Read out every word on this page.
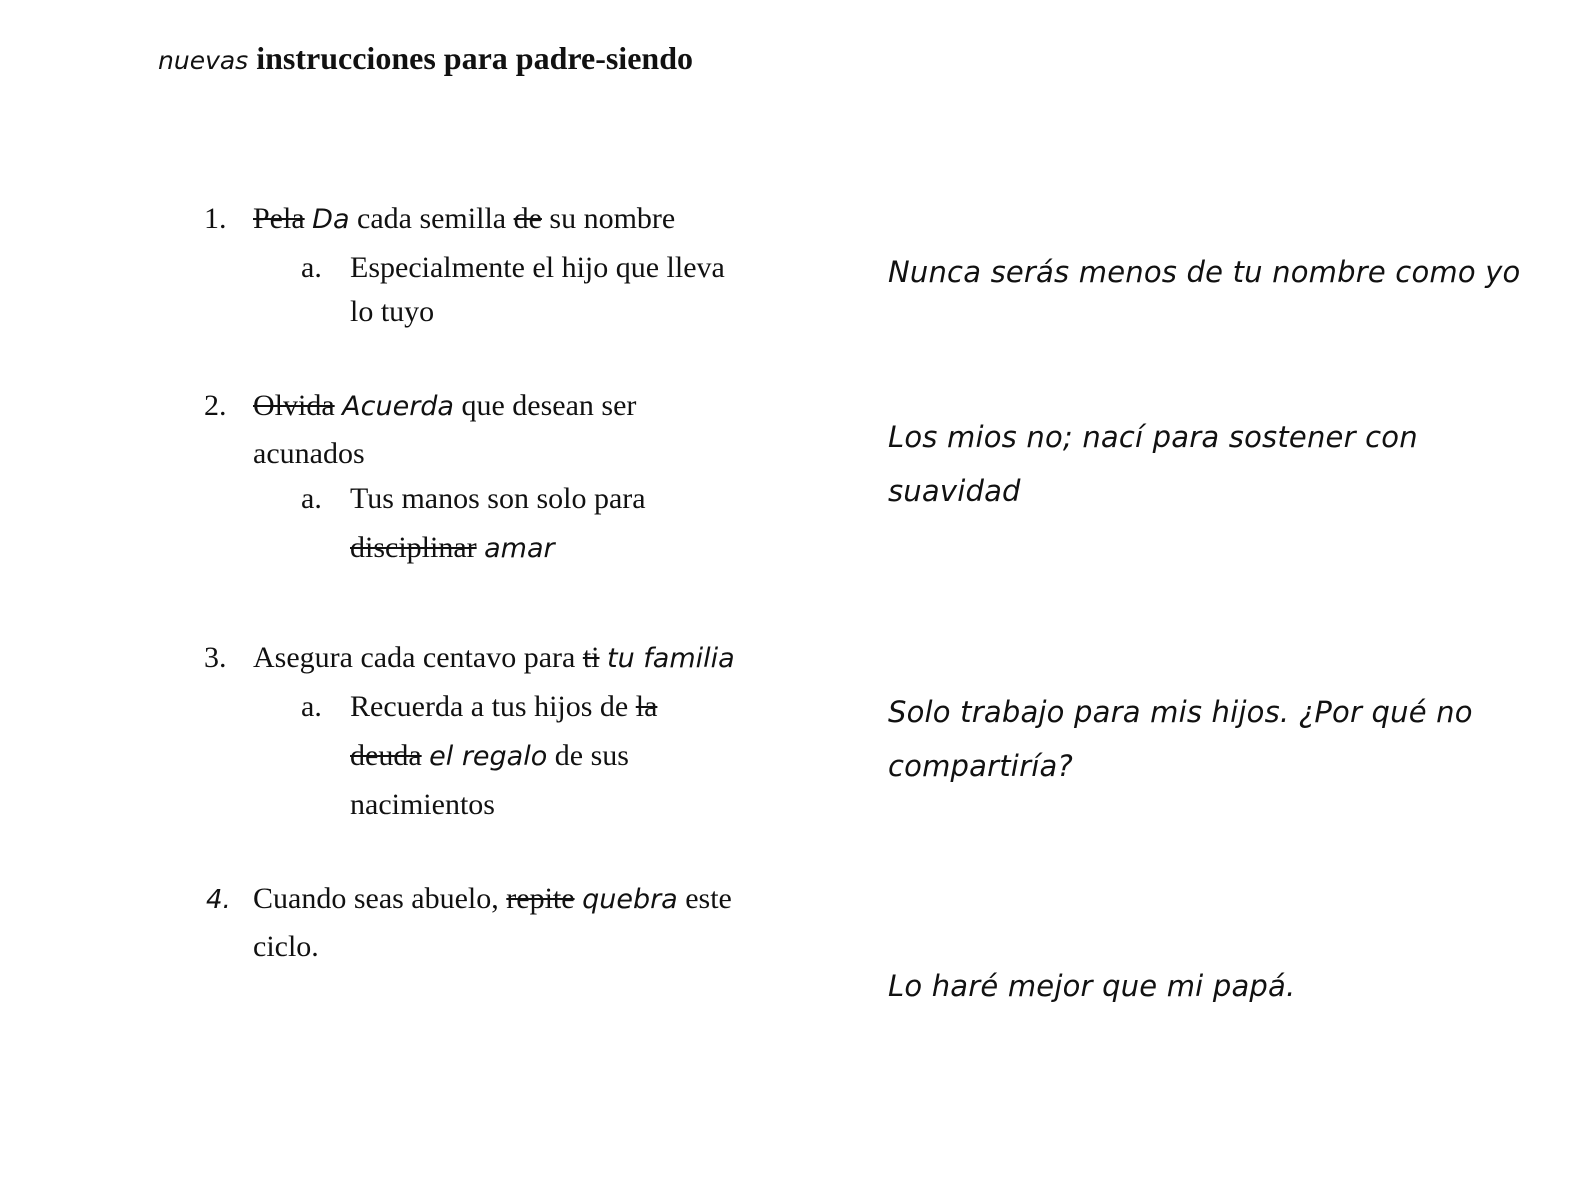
nuevas instrucciones para padre-siendo
1. Pela Da cada semilla de su nombre
a. Especialmente el hijo que lleva
lo tuyo
2. Olvida Acuerda que desean ser
acunados
a. Tus manos son solo para
disciplinar amar
3. Asegura cada centavo para ti tu familia
a. Recuerda a tus hijos de la
deuda el regalo de sus
nacimientos
4. Cuando seas abuelo, repite quebra este
ciclo.
Nunca serás menos de tu nombre como yo
Los mios no; nací para sostener con
suavidad
Solo trabajo para mis hijos. ¿Por qué no
compartiría?
Lo haré mejor que mi papá.
